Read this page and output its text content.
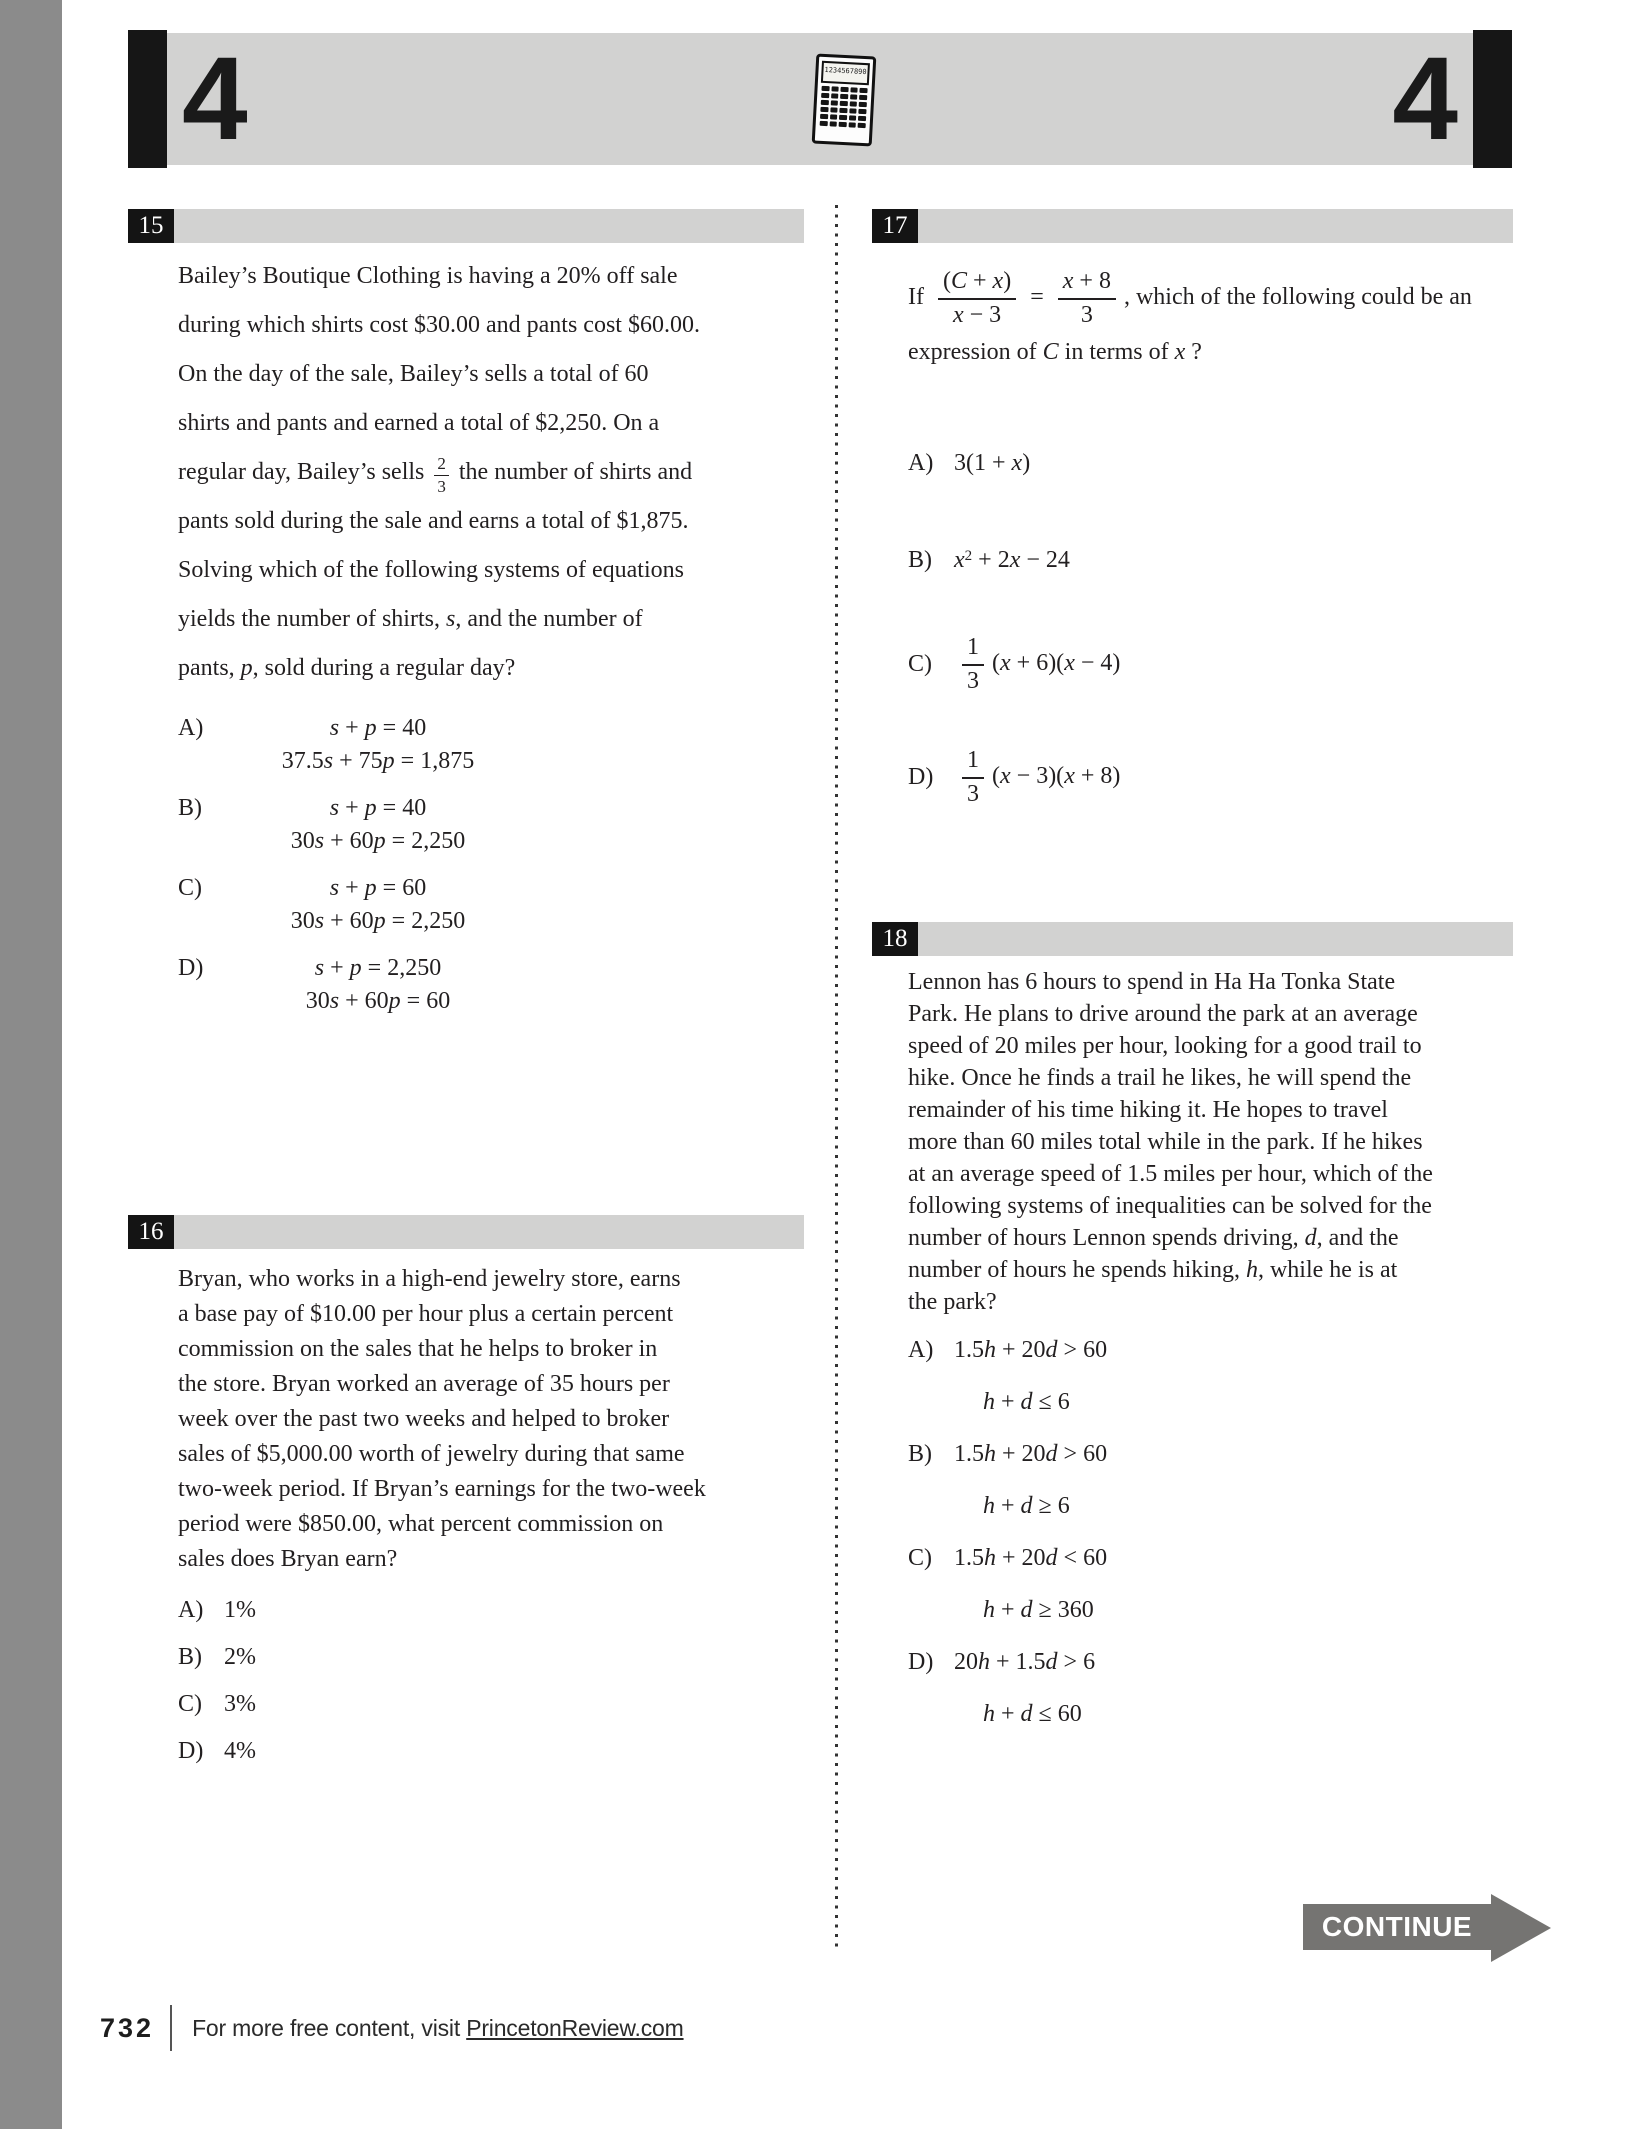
4	4
1234567890
15
Bailey’s Boutique Clothing is having a 20% off sale
during which shirts cost $30.00 and pants cost $60.00.
On the day of the sale, Bailey’s sells a total of 60
shirts and pants and earned a total of $2,250. On a
regular day, Bailey’s sells $\frac{2}{3}$ the number of shirts and
pants sold during the sale and earns a total of $1,875.
Solving which of the following systems of equations
yields the number of shirts, s, and the number of
pants, p, sold during a regular day?
A)	s + p = 40
37.5s + 75p = 1,875
B)	s + p = 40
30s + 60p = 2,250
C)	s + p = 60
30s + 60p = 2,250
D)	s + p = 2,250
30s + 60p = 60
16
Bryan, who works in a high-end jewelry store, earns
a base pay of $10.00 per hour plus a certain percent
commission on the sales that he helps to broker in
the store. Bryan worked an average of 35 hours per
week over the past two weeks and helped to broker
sales of $5,000.00 worth of jewelry during that same
two-week period. If Bryan’s earnings for the two-week
period were $850.00, what percent commission on
sales does Bryan earn?
A) 1%
B) 2%
C) 3%
D) 4%
17
If $\frac{(C + x)}{x - 3} = \frac{x + 8}{3}$ , which of the following could be an
expression of C in terms of x ?
A) 3(1 + x)
B) $x^2 + 2x - 24$
C)	$\frac{1}{3} (x + 6)(x - 4)$
D)	$\frac{1}{3} (x - 3)(x + 8)$
18
Lennon has 6 hours to spend in Ha Ha Tonka State
Park. He plans to drive around the park at an average
speed of 20 miles per hour, looking for a good trail to
hike. Once he finds a trail he likes, he will spend the
remainder of his time hiking it. He hopes to travel
more than 60 miles total while in the park. If he hikes
at an average speed of 1.5 miles per hour, which of the
following systems of inequalities can be solved for the
number of hours Lennon spends driving, d, and the
number of hours he spends hiking, h, while he is at
the park?
A) 1.5h + 20d > 60
h + d ≤ 6
B) 1.5h + 20d > 60
h + d ≥ 6
C) 1.5h + 20d < 60
h + d ≥ 360
D) 20h + 1.5d > 6
h + d ≤ 60
CONTINUE
732 For more free content, visit PrincetonReview.com
